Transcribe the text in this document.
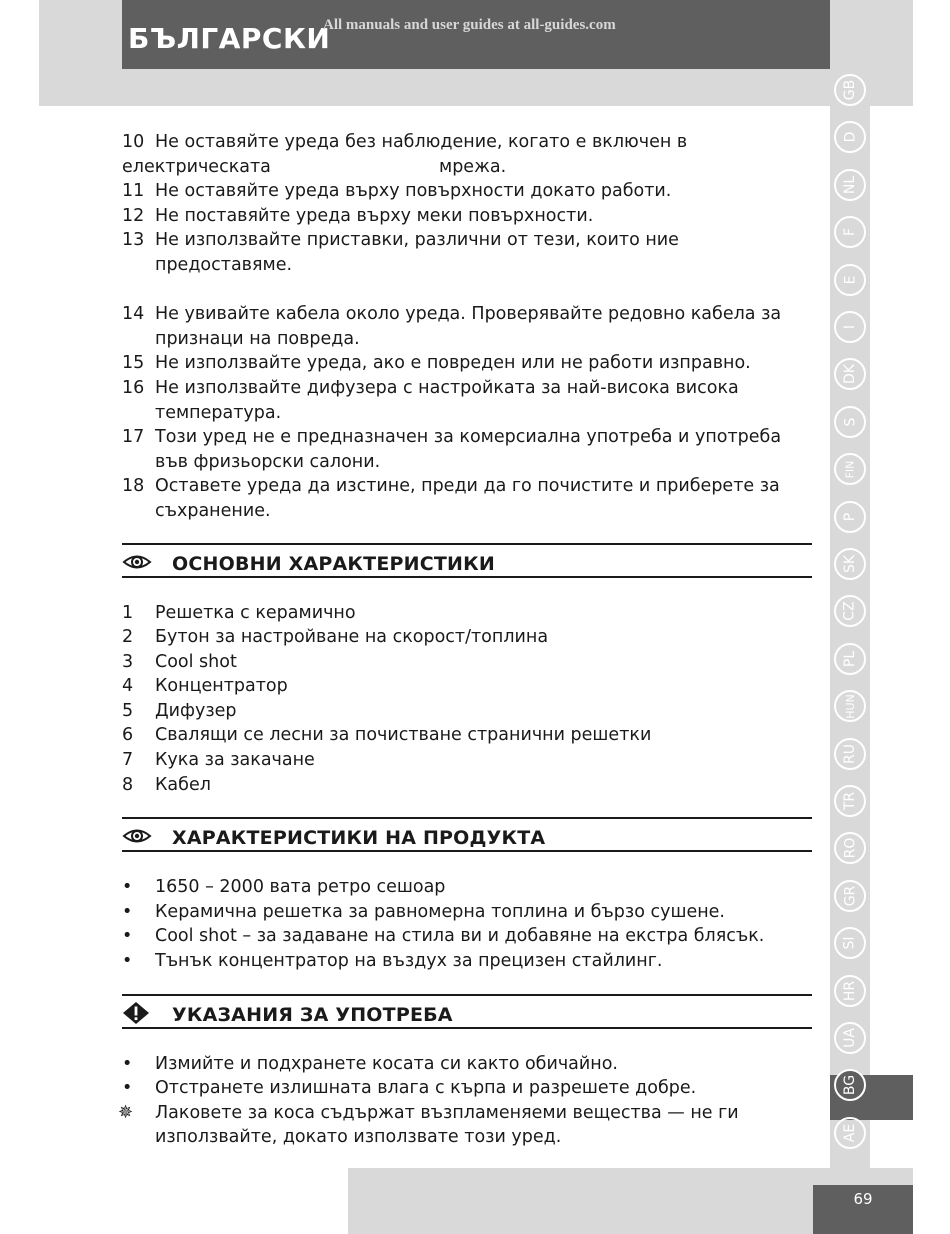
БЪЛГАРСКИ
All manuals and user guides at all-guides.com
GB
D
NL
F
E
I
DK
S
FIN
P
SK
CZ
PL
HUN
RU
TR
RO
GR
SI
HR
UA
BG
AE
69
10 Не оставяйте уреда без наблюдение, когато е включен в
електрическата	мрежа.
11 Не оставяйте уреда върху повърхности докато работи.
12 Не поставяйте уреда върху меки повърхности.
13 Не използвайте приставки, различни от тези, които ние предоставяме.
14 Не увивайте кабела около уреда. Проверявайте редовно кабела за признаци на повреда.
15 Не използвайте уреда, ако е повреден или не работи изправно.
16 Не използвайте дифузера с настройката за най-висока висока температура.
17 Този уред не е предназначен за комерсиална употреба и употреба във фризьорски салони.
18 Оставете уреда да изстине, преди да го почистите и приберете за съхранение.
ОСНОВНИ ХАРАКТЕРИСТИКИ
1 Решетка с керамично
2 Бутон за настройване на скорост/топлина
3 Cool shot
4 Концентратор
5 Дифузер
6 Свалящи се лесни за почистване странични решетки
7 Кука за закачане
8 Кабел
ХАРАКТЕРИСТИКИ НА ПРОДУКТА
• 1650 – 2000 вата ретро сешоар
• Керамична решетка за равномерна топлина и бързо сушене.
• Cool shot – за задаване на стила ви и добавяне на екстра блясък.
• Тънък концентратор на въздух за прецизен стайлинг.
УКАЗАНИЯ ЗА УПОТРЕБА
• Измийте и подхранете косата си както обичайно.
• Отстранете излишната влага с кърпа и разрешете добре.
✵ Лаковете за коса съдържат възпламеняеми вещества — не ги използвайте, докато използвате този уред.
